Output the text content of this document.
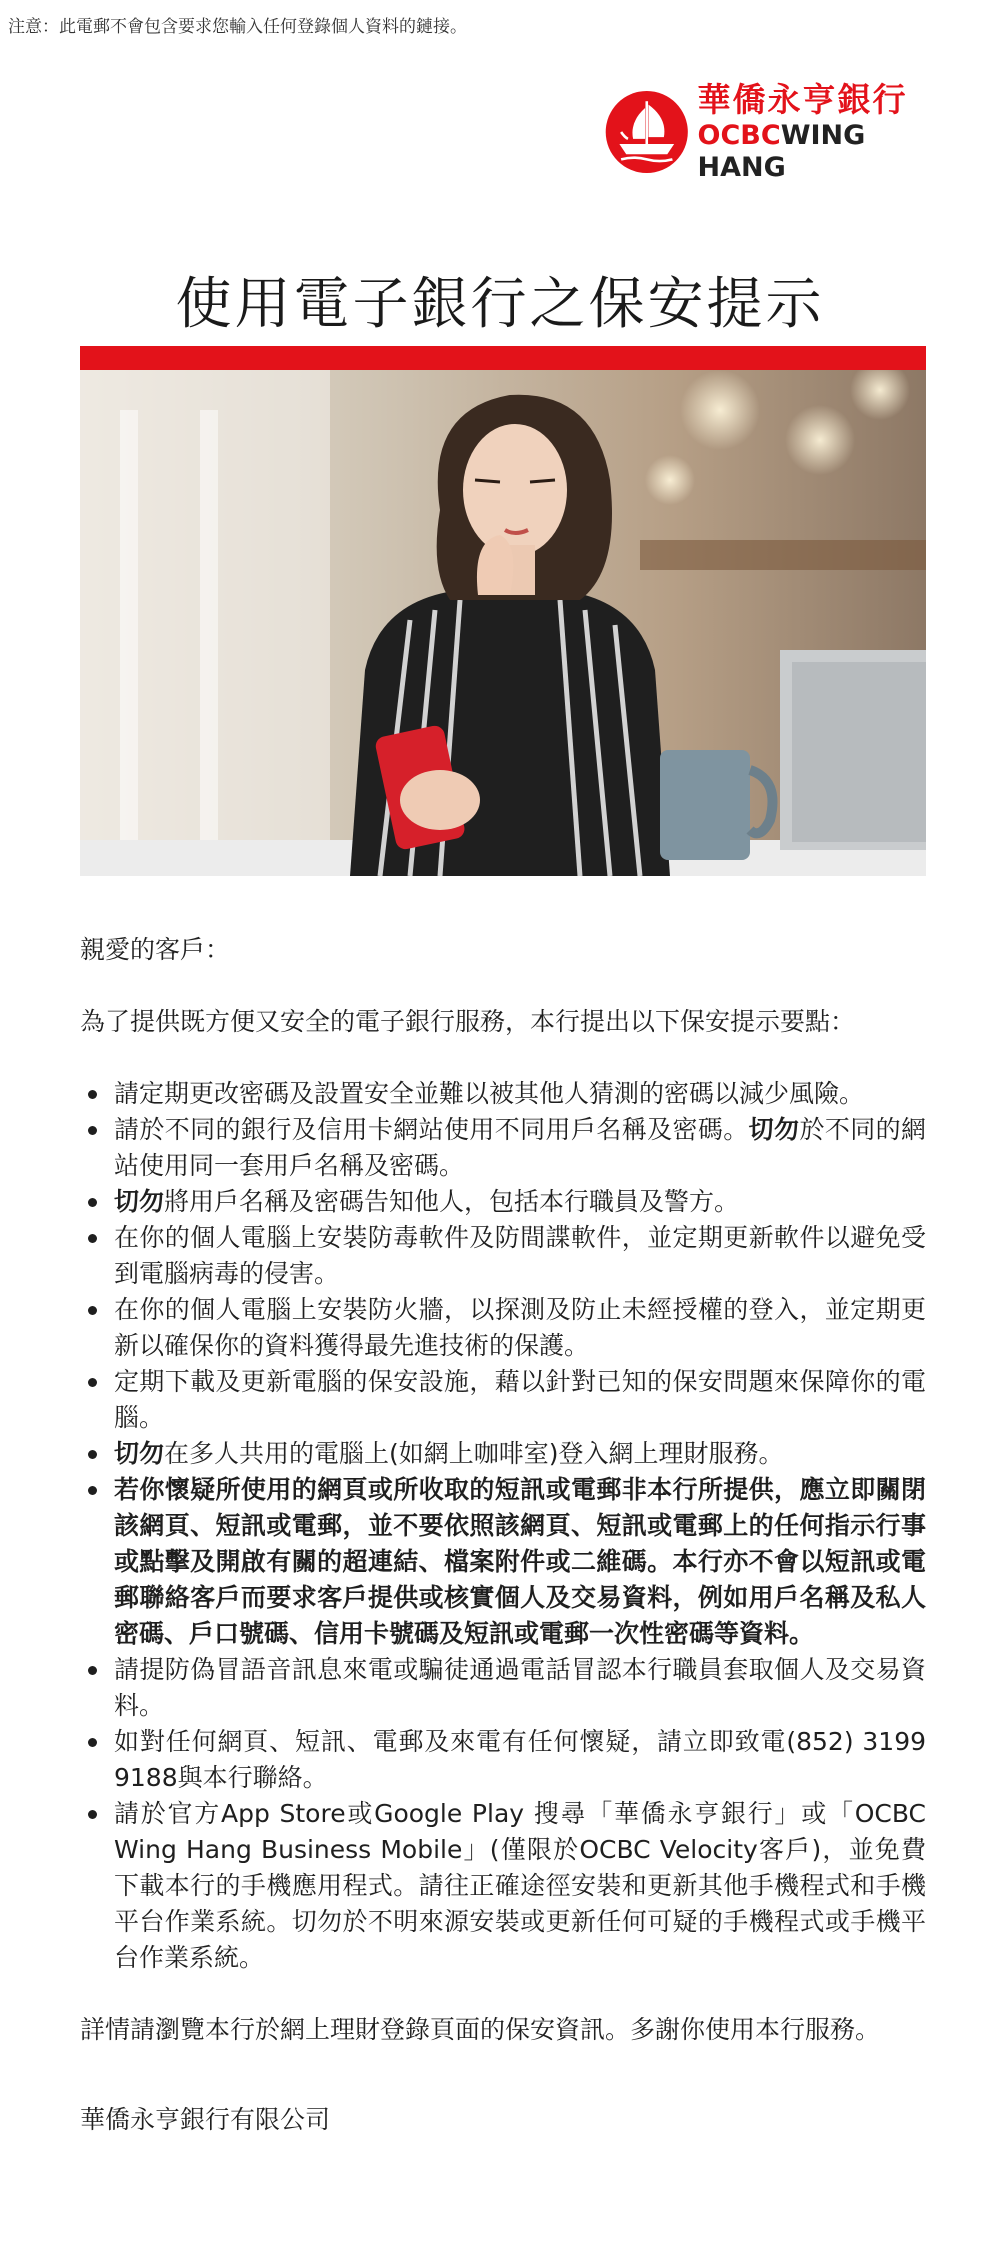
注意：此電郵不會包含要求您輸入任何登錄個人資料的鏈接。
華僑永亨銀行
OCBCWING HANG
使用電子銀行之保安提示

親愛的客戶：

為了提供既方便又安全的電子銀行服務，本行提出以下保安提示要點：

請定期更改密碼及設置安全並難以被其他人猜測的密碼以減少風險。
請於不同的銀行及信用卡網站使用不同用戶名稱及密碼。切勿於不同的網站使用同一套用戶名稱及密碼。
切勿將用戶名稱及密碼告知他人，包括本行職員及警方。
在你的個人電腦上安裝防毒軟件及防間諜軟件，並定期更新軟件以避免受到電腦病毒的侵害。
在你的個人電腦上安裝防火牆，以探測及防止未經授權的登入，並定期更新以確保你的資料獲得最先進技術的保護。
定期下載及更新電腦的保安設施，藉以針對已知的保安問題來保障你的電腦。
切勿在多人共用的電腦上(如網上咖啡室)登入網上理財服務。
若你懷疑所使用的網頁或所收取的短訊或電郵非本行所提供，應立即關閉該網頁、短訊或電郵，並不要依照該網頁、短訊或電郵上的任何指示行事或點擊及開啟有關的超連結、檔案附件或二維碼。本行亦不會以短訊或電郵聯絡客戶而要求客戶提供或核實個人及交易資料，例如用戶名稱及私人密碼、戶口號碼、信用卡號碼及短訊或電郵一次性密碼等資料。
請提防偽冒語音訊息來電或騙徒通過電話冒認本行職員套取個人及交易資料。
如對任何網頁、短訊、電郵及來電有任何懷疑，請立即致電(852) 3199 9188與本行聯絡。
請於官方App Store或Google Play 搜尋「華僑永亨銀行」或「OCBC Wing Hang Business Mobile」(僅限於OCBC Velocity客戶)，並免費下載本行的手機應用程式。請往正確途徑安裝和更新其他手機程式和手機平台作業系統。切勿於不明來源安裝或更新任何可疑的手機程式或手機平台作業系統。

詳情請瀏覽本行於網上理財登錄頁面的保安資訊。多謝你使用本行服務。

華僑永亨銀行有限公司
